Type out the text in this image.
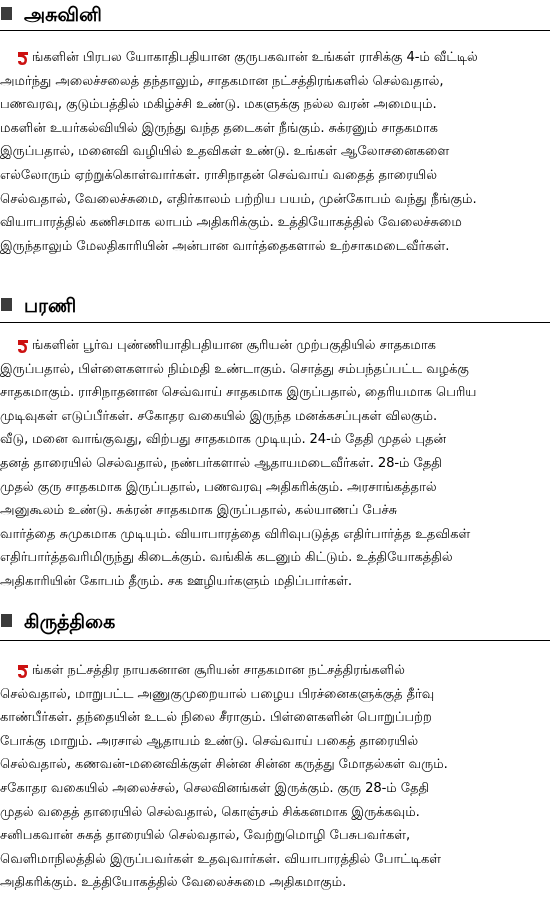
அசுவினி
ங்களின் பிரபல யோகாதிபதியான குருபகவான் உங்கள் ராசிக்கு 4-ம் வீட்டில்
அமர்ந்து அலைச்சலைத் தந்தாலும், சாதகமான நட்சத்திரங்களில் செல்வதால்,
பணவரவு, குடும்பத்தில் மகிழ்ச்சி உண்டு. மகளுக்கு நல்ல வரன் அமையும்.
மகளின் உயர்கல்வியில் இருந்து வந்த தடைகள் நீங்கும். சுக்ரனும் சாதகமாக
இருப்பதால், மனைவி வழியில் உதவிகள் உண்டு. உங்கள் ஆலோசனைகளை
எல்லோரும் ஏற்றுக்கொள்வார்கள். ராசிநாதன் செவ்வாய் வதைத் தாரையில்
செல்வதால், வேலைச்சுமை, எதிர்காலம் பற்றிய பயம், முன்கோபம் வந்து நீங்கும்.
வியாபாரத்தில் கணிசமாக லாபம் அதிகரிக்கும். உத்தியோகத்தில் வேலைச்சுமை
இருந்தாலும் மேலதிகாரியின் அன்பான வார்த்தைகளால் உற்சாகமடைவீர்கள்.
பரணி
ங்களின் பூர்வ புண்ணியாதிபதியான சூரியன் முற்பகுதியில் சாதகமாக
இருப்பதால், பிள்ளைகளால் நிம்மதி உண்டாகும். சொத்து சம்பந்தப்பட்ட வழக்கு
சாதகமாகும். ராசிநாதனான செவ்வாய் சாதகமாக இருப்பதால், தைரியமாக பெரிய
முடிவுகள் எடுப்பீர்கள். சகோதர வகையில் இருந்த மனக்கசப்புகள் விலகும்.
வீடு, மனை வாங்குவது, விற்பது சாதகமாக முடியும். 24-ம் தேதி முதல் புதன்
தனத் தாரையில் செல்வதால், நண்பர்களால் ஆதாயமடைவீர்கள். 28-ம் தேதி
முதல் குரு சாதகமாக இருப்பதால், பணவரவு அதிகரிக்கும். அரசாங்கத்தால்
அனுகூலம் உண்டு. சுக்ரன் சாதகமாக இருப்பதால், கல்யாணப் பேச்சு
வார்த்தை சுமுகமாக முடியும். வியாபாரத்தை விரிவுபடுத்த எதிர்பார்த்த உதவிகள்
எதிர்பார்த்தவரிமிருந்து கிடைக்கும். வங்கிக் கடனும் கிட்டும். உத்தியோகத்தில்
அதிகாரியின் கோபம் தீரும். சக ஊழியர்களும் மதிப்பார்கள்.
கிருத்திகை
ங்கள் நட்சத்திர நாயகனான சூரியன் சாதகமான நட்சத்திரங்களில்
செல்வதால், மாறுபட்ட அணுகுமுறையால் பழைய பிரச்னைகளுக்குத் தீர்வு
காண்பீர்கள். தந்தையின் உடல் நிலை சீராகும். பிள்ளைகளின் பொறுப்பற்ற
போக்கு மாறும். அரசால் ஆதாயம் உண்டு. செவ்வாய் பகைத் தாரையில்
செல்வதால், கணவன்-மனைவிக்குள் சின்ன சின்ன கருத்து மோதல்கள் வரும்.
சகோதர வகையில் அலைச்சல், செலவினங்கள் இருக்கும். குரு 28-ம் தேதி
முதல் வதைத் தாரையில் செல்வதால், கொஞ்சம் சிக்கனமாக இருக்கவும்.
சனிபகவான் சுகத் தாரையில் செல்வதால், வேற்றுமொழி பேசுபவர்கள்,
வெளிமாநிலத்தில் இருப்பவர்கள் உதவுவார்கள். வியாபாரத்தில் போட்டிகள்
அதிகரிக்கும். உத்தியோகத்தில் வேலைச்சுமை அதிகமாகும்.
